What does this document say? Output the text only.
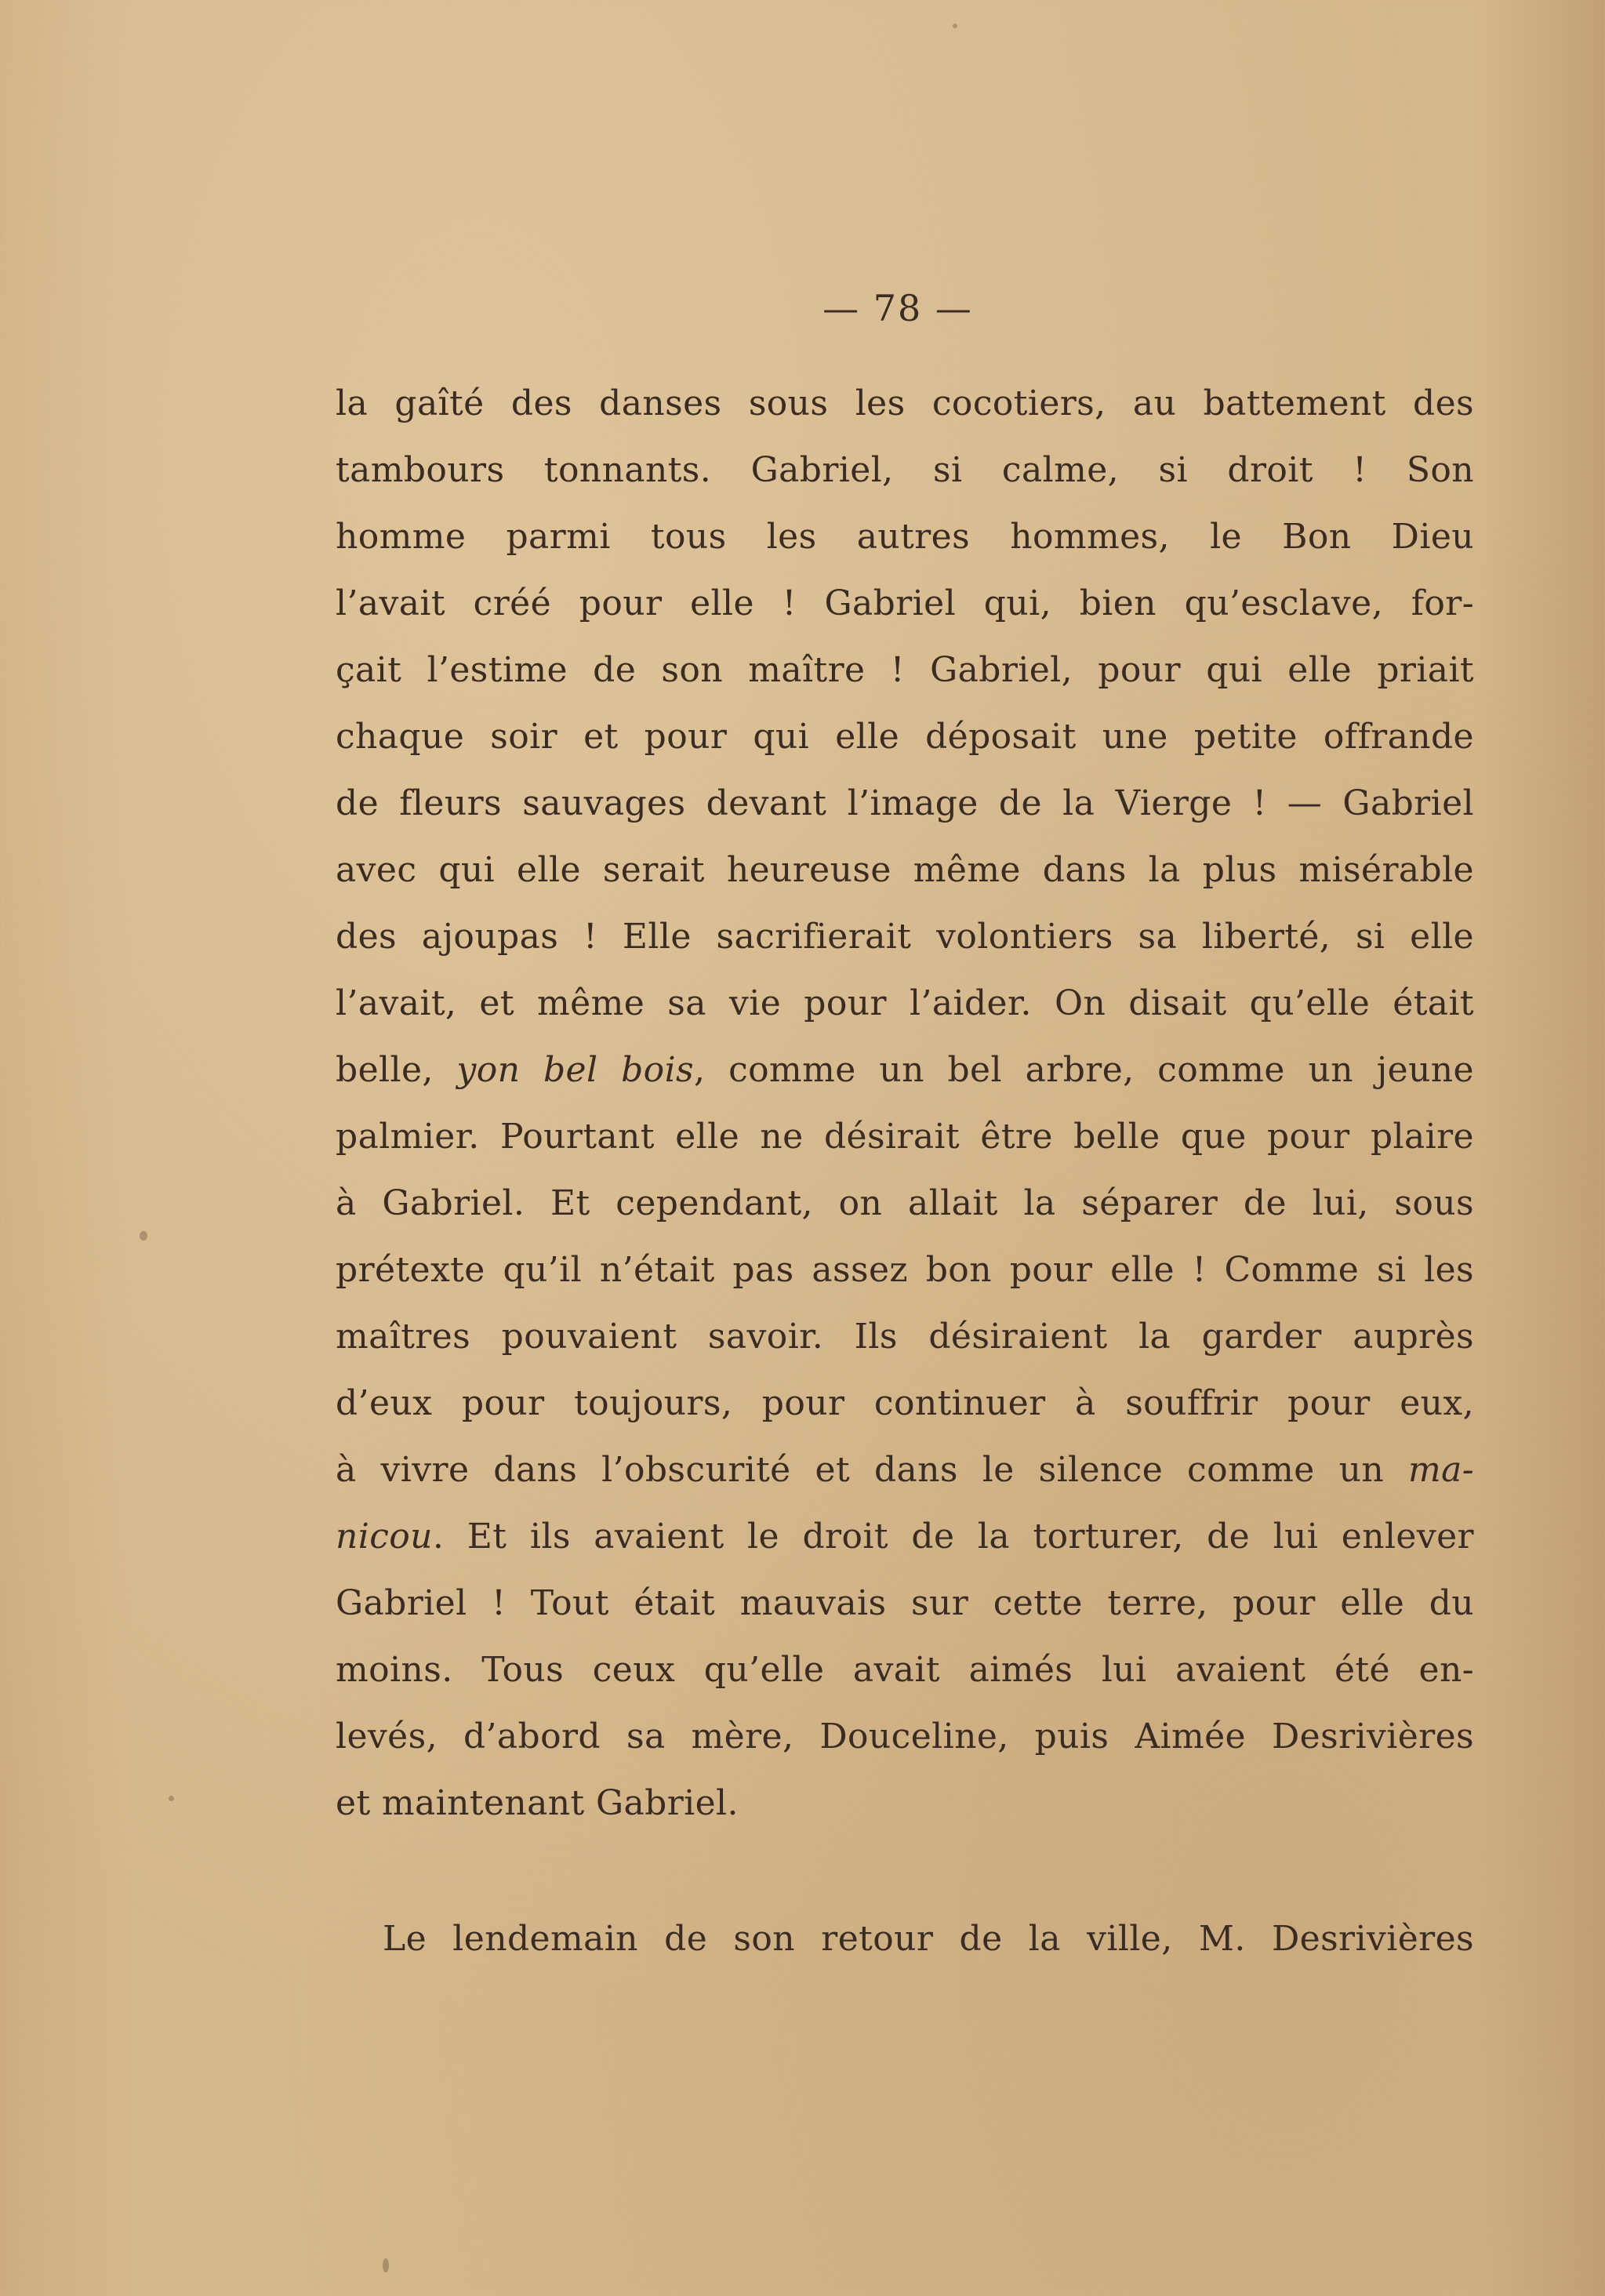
— 78 —
la gaîté des danses sous les cocotiers, au battement des
tambours tonnants. Gabriel, si calme, si droit ! Son
homme parmi tous les autres hommes, le Bon Dieu
l’avait créé pour elle ! Gabriel qui, bien qu’esclave, for-
çait l’estime de son maître ! Gabriel, pour qui elle priait
chaque soir et pour qui elle déposait une petite offrande
de fleurs sauvages devant l’image de la Vierge ! — Gabriel
avec qui elle serait heureuse même dans la plus misérable
des ajoupas ! Elle sacrifierait volontiers sa liberté, si elle
l’avait, et même sa vie pour l’aider. On disait qu’elle était
belle, yon bel bois, comme un bel arbre, comme un jeune
palmier. Pourtant elle ne désirait être belle que pour plaire
à Gabriel. Et cependant, on allait la séparer de lui, sous
prétexte qu’il n’était pas assez bon pour elle ! Comme si les
maîtres pouvaient savoir. Ils désiraient la garder auprès
d’eux pour toujours, pour continuer à souffrir pour eux,
à vivre dans l’obscurité et dans le silence comme un ma-
nicou. Et ils avaient le droit de la torturer, de lui enlever
Gabriel ! Tout était mauvais sur cette terre, pour elle du
moins. Tous ceux qu’elle avait aimés lui avaient été en-
levés, d’abord sa mère, Douceline, puis Aimée Desrivières
et maintenant Gabriel.
Le lendemain de son retour de la ville, M. Desrivières
